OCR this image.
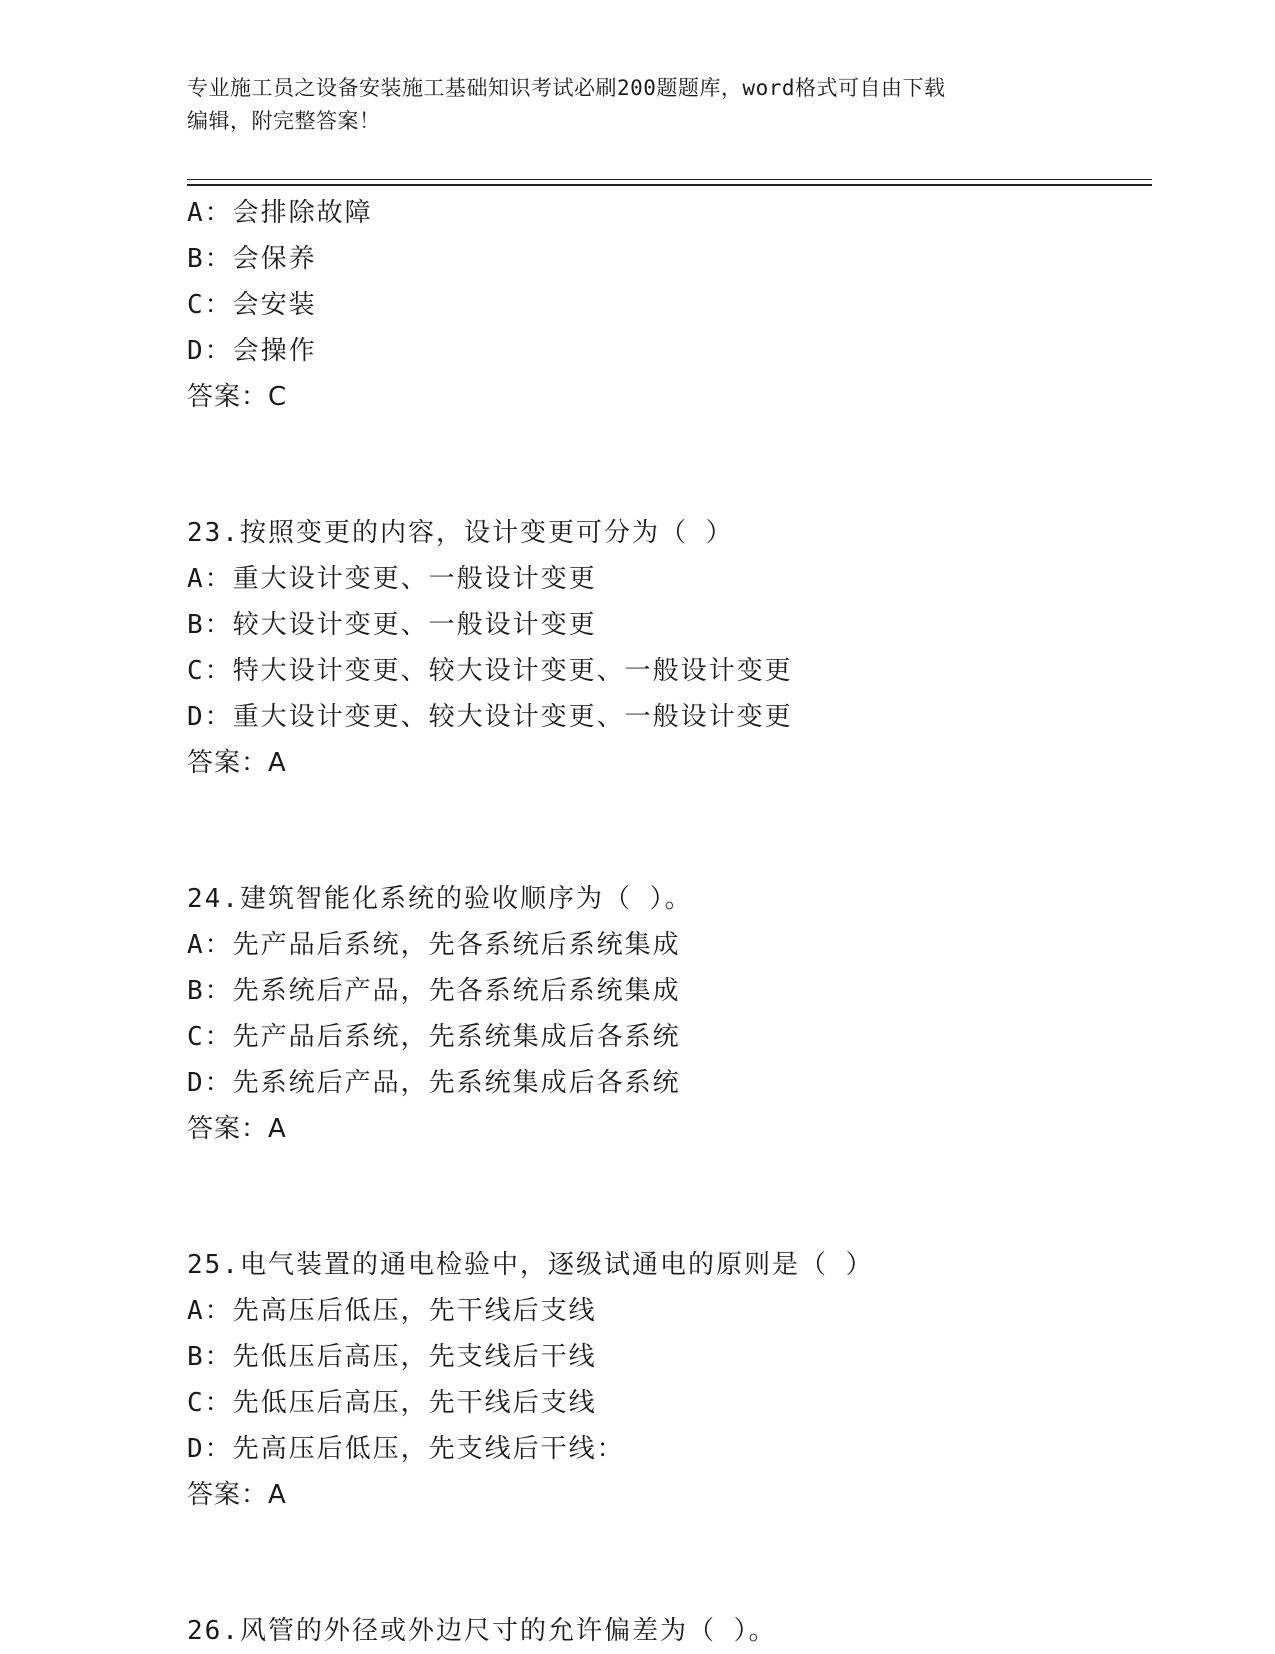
专业施工员之设备安装施工基础知识考试必刷200题题库，word格式可自由下载
编辑，附完整答案！
A：会排除故障
B：会保养
C：会安装
D：会操作
答案：C
23.按照变更的内容，设计变更可分为（ ）
A：重大设计变更、一般设计变更
B：较大设计变更、一般设计变更
C：特大设计变更、较大设计变更、一般设计变更
D：重大设计变更、较大设计变更、一般设计变更
答案：A
24.建筑智能化系统的验收顺序为（ ）。
A：先产品后系统，先各系统后系统集成
B：先系统后产品，先各系统后系统集成
C：先产品后系统，先系统集成后各系统
D：先系统后产品，先系统集成后各系统
答案：A
25.电气装置的通电检验中，逐级试通电的原则是（ ）
A：先高压后低压，先干线后支线
B：先低压后高压，先支线后干线
C：先低压后高压，先干线后支线
D：先高压后低压，先支线后干线：
答案：A
26.风管的外径或外边尺寸的允许偏差为（ ）。
